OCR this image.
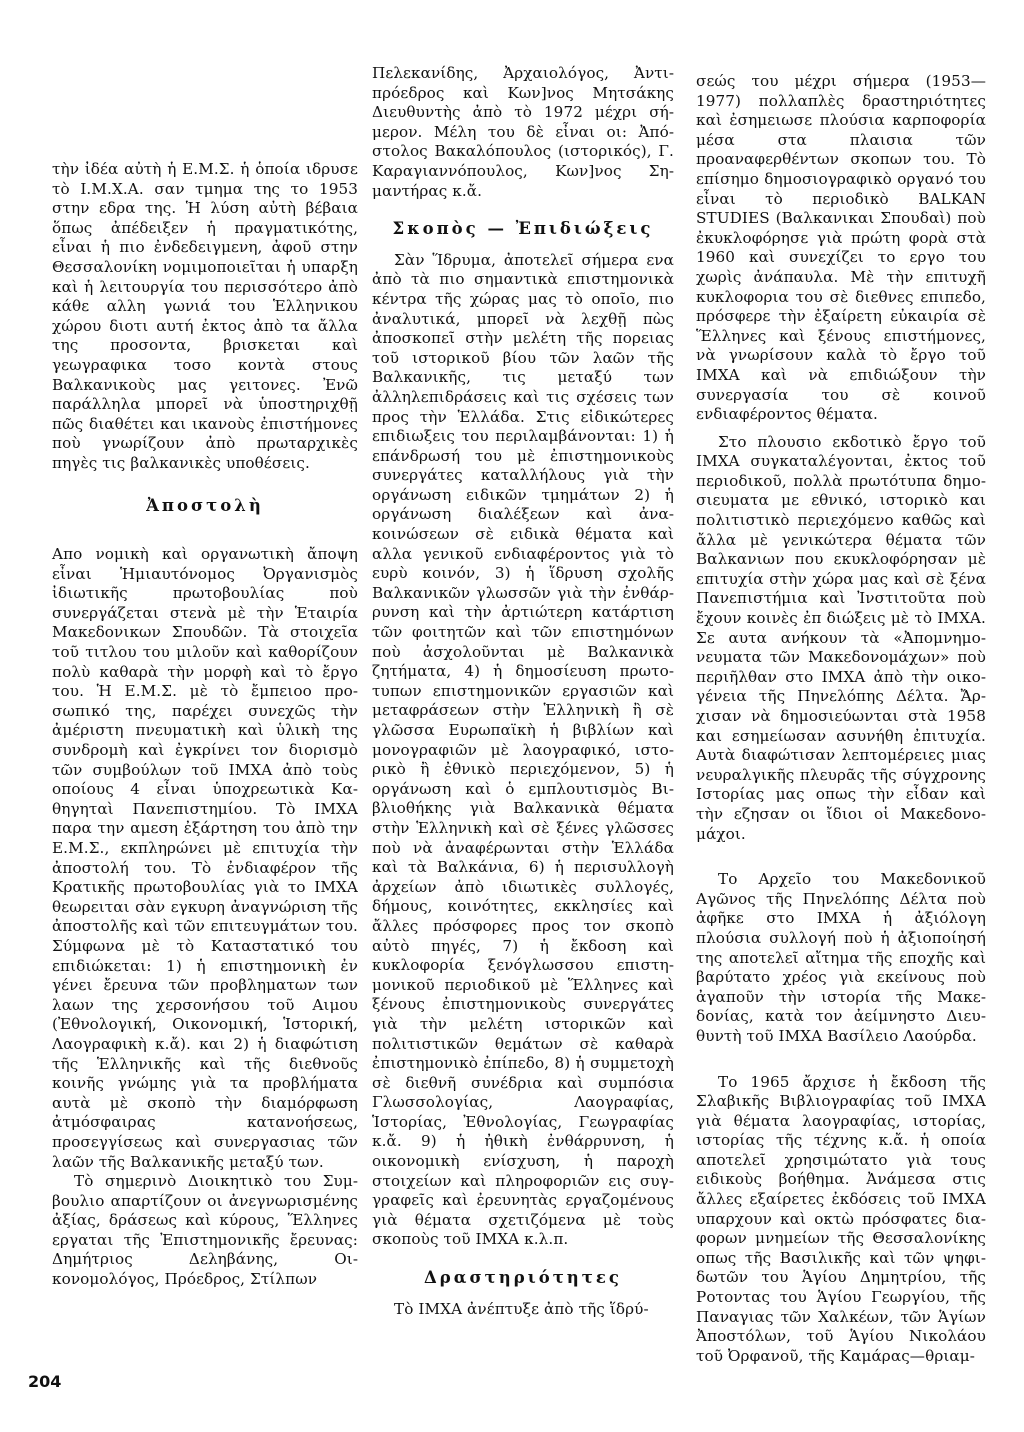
τὴν ἰδέα αὐτὴ ἡ Ε.Μ.Σ. ἡ ὁποία ιδρυσε τὸ Ι.Μ.Χ.Α. σαν τμημα της το 1953 στην εδρα της. Ἡ λύση αὐτὴ βέβαια ὅπως ἀπέδειξεν ἡ πραγματικότης, εἶναι ἡ πιο ἐνδεδειγμενη, ἀφοῦ στην Θεσσαλονίκη νομιμοποιεῖται ἡ υπαρξη καὶ ἡ λειτουργία του περισσότερο ἀπὸ κάθε αλλη γωνιά του Ἑλληνικου χώρου διοτι αυτή ἐκτος ἀπὸ τα ἄλλα της προσοντα, βρισκεται καὶ γεωγραφικα τοσο κοντὰ στους Βαλκανικοὺς μας γειτονες. Ἐνῶ παράλληλα μπορεῖ νὰ ὑποστηριχθῇ πῶς διαθέτει και ικανοὺς ἐπιστήμονες ποὺ γνωρίζουν ἀπὸ πρωταρχικὲς πηγὲς τις βαλκανικὲς υποθέσεις.

Ἀποστολὴ

Απο νομικὴ καὶ οργανωτικὴ ἄποψη εἶναι Ἡμιαυτόνομος Ὀργανισμὸς ἰδιωτικῆς πρωτοβουλίας ποὺ συνεργάζεται στενὰ μὲ τὴν Ἑταιρία Μακεδονικων Σπουδῶν. Τὰ στοιχεῖα τοῦ τιτλου του μιλοῦν καὶ καθορίζουν πολὺ καθαρὰ τὴν μορφὴ καὶ τὸ ἔργο του. Ἡ Ε.Μ.Σ. μὲ τὸ ἔμπειοο προσωπικό της, παρέχει συνεχῶς τὴν ἀμέριστη πνευματικὴ καὶ ὑλικὴ της συνδρομὴ καὶ ἐγκρίνει τον διορισμὸ τῶν συμβούλων τοῦ ΙΜΧΑ ἀπὸ τοὺς οποίους 4 εἶναι ὑποχρεωτικὰ Καθηγηταὶ Πανεπιστημίου. Τὸ ΙΜΧΑ παρα την αμεση ἐξάρτηση του ἀπὸ την Ε.Μ.Σ., εκπληρώνει μὲ επιτυχία τὴν ἀποστολή του. Τὸ ἐνδιαφέρον τῆς Κρατικῆς πρωτοβουλίας γιὰ το ΙΜΧΑ θεωρειται σὰν εγκυρη ἀναγνώριση τῆς ἀποστολῆς καὶ τῶν επιτευγμάτων του. Σύμφωνα μὲ τὸ Καταστατικό του επιδιώκεται: 1) ἡ επιστημονικὴ ἐν γένει ἔρευνα τῶν προβληματων των λαων της χερσονήσου τοῦ Αιμου (Ἐθνολογική, Οικονομική, Ἱστορική, Λαογραφικὴ κ.ἄ). και 2) ἡ διαφώτιση τῆς Ἑλληνικῆς καὶ τῆς διεθνοῦς κοινῆς γνώμης γιὰ τα προβλήματα αυτὰ μὲ σκοπὸ τὴν διαμόρφωση ἀτμόσφαιρας κατανοήσεως, προσεγγίσεως καὶ συνεργασιας τῶν λαῶν τῆς Βαλκανικῆς μεταξύ των.

Τὸ σημερινὸ Διοικητικὸ του Συμβουλιο απαρτίζουν οι ἀνεγνωρισμένης ἀξίας, δράσεως καὶ κύρους, Ἕλληνες εργαται τῆς Ἐπιστημονικῆς ἔρευνας: Δημήτριος Δεληβάνης, Οικονομολόγος, Πρόεδρος, Στίλπων

Πελεκανίδης, Ἀρχαιολόγος, Ἀντιπρόεδρος καὶ Κων]νος Μητσάκης Διευθυντὴς ἀπὸ τὸ 1972 μέχρι σήμερον. Μέλη του δὲ εἶναι οι: Ἀπόστολος Βακαλόπουλος (ιστορικός), Γ. Καραγιαννόπουλος, Κων]νος Σημαντήρας κ.ἄ.

Σκοπὸς — Ἐπιδιώξεις

Σὰν Ἵδρυμα, ἀποτελεῖ σήμερα ενα ἀπὸ τὰ πιο σημαντικὰ επιστημονικὰ κέντρα τῆς χώρας μας τὸ οποῖο, πιο ἀναλυτικά, μπορεῖ νὰ λεχθῇ πὼς ἀποσκοπεῖ στὴν μελέτη τῆς πορειας τοῦ ιστορικοῦ βίου τῶν λαῶν τῆς Βαλκανικῆς, τις μεταξύ των ἀλληλεπιδράσεις καὶ τις σχέσεις των προς τὴν Ἑλλάδα. Στις εἰδικώτερες επιδιωξεις του περιλαμβάνονται: 1) ἡ επάνδρωσή του μὲ ἐπιστημονικοὺς συνεργάτες καταλλήλους γιὰ τὴν οργάνωση ειδικῶν τμημάτων 2) ἡ οργάνωση διαλέξεων καὶ ἀνακοινώσεων σὲ ειδικὰ θέματα καὶ αλλα γενικοῦ ενδιαφέροντος γιὰ τὸ ευρὺ κοινόν, 3) ἡ ἵδρυση σχολῆς Βαλκανικῶν γλωσσῶν γιὰ τὴν ἐνθάρρυνση καὶ τὴν ἀρτιώτερη κατάρτιση τῶν φοιτητῶν καὶ τῶν επιστημόνων ποὺ ἀσχολοῦνται μὲ Βαλκανικὰ ζητήματα, 4) ἡ δημοσίευση πρωτοτυπων επιστημονικῶν εργασιῶν καὶ μεταφράσεων στὴν Ἑλληνικὴ ἢ σὲ γλῶσσα Ευρωπαϊκὴ ἡ βιβλίων καὶ μονογραφιῶν μὲ λαογραφικό, ιστορικὸ ἢ ἐθνικὸ περιεχόμενον, 5) ἡ οργάνωση καὶ ὁ εμπλουτισμὸς Βιβλιοθήκης γιὰ Βαλκανικὰ θέματα στὴν Ἑλληνικὴ καὶ σὲ ξένες γλῶσσες ποὺ νὰ ἀναφέρωνται στὴν Ἑλλάδα καὶ τὰ Βαλκάνια, 6) ἡ περισυλλογὴ ἀρχείων ἀπὸ ιδιωτικὲς συλλογές, δήμους, κοινότητες, εκκλησίες καὶ ἄλλες πρόσφορες προς τον σκοπὸ αὐτὸ πηγές, 7) ἡ ἔκδοση καὶ κυκλοφορία ξενόγλωσσου επιστημονικοῦ περιοδικοῦ μὲ Ἕλληνες καὶ ξένους ἐπιστημονικοὺς συνεργάτες γιὰ τὴν μελέτη ιστορικῶν καὶ πολιτιστικῶν θεμάτων σὲ καθαρὰ ἐπιστημονικὸ ἐπίπεδο, 8) ἡ συμμετοχὴ σὲ διεθνῆ συνέδρια καὶ συμπόσια Γλωσσολογίας, Λαογραφίας, Ἱστορίας, Ἐθνολογίας, Γεωγραφίας κ.ἄ. 9) ἡ ἠθικὴ ἐνθάρρυνση, ἡ οικονομικὴ ενίσχυση, ἡ παροχὴ στοιχείων καὶ πληροφοριῶν εις συγγραφεῖς καὶ ἐρευνητὰς εργαζομένους γιὰ θέματα σχετιζόμενα μὲ τοὺς σκοποὺς τοῦ ΙΜΧΑ κ.λ.π.

Δραστηριότητες

Τὸ ΙΜΧΑ ἀνέπτυξε ἀπὸ τῆς ἵδρύ-

σεώς του μέχρι σήμερα (1953—1977) πολλαπλὲς δραστηριότητες καὶ ἐσημειωσε πλούσια καρποφορία μέσα στα πλαισια τῶν προαναφερθέντων σκοπων του. Τὸ επίσημο δημοσιογραφικὸ οργανό του εἶναι τὸ περιοδικὸ BALKAN STUDIES (Βαλκανικαι Σπουδαὶ) ποὺ ἐκυκλοφόρησε γιὰ πρώτη φορὰ στὰ 1960 καὶ συνεχίζει το εργο του χωρὶς ἀνάπαυλα. Μὲ τὴν επιτυχῆ κυκλοφορια του σὲ διεθνες επιπεδο, πρόσφερε τὴν ἐξαίρετη εὐκαιρία σὲ Ἕλληνες καὶ ξένους επιστήμονες, νὰ γνωρίσουν καλὰ τὸ ἔργο τοῦ ΙΜΧΑ καὶ νὰ επιδιώξουν τὴν συνεργασία του σὲ κοινοῦ ενδιαφέροντος θέματα.

Στο πλουσιο εκδοτικὸ ἔργο τοῦ ΙΜΧΑ συγκαταλέγονται, ἐκτος τοῦ περιοδικοῦ, πολλὰ πρωτότυπα δημοσιευματα με εθνικό, ιστορικὸ και πολιτιστικὸ περιεχόμενο καθῶς καὶ ἄλλα μὲ γενικώτερα θέματα τῶν Βαλκανιων που εκυκλοφόρησαν μὲ επιτυχία στὴν χώρα μας καὶ σὲ ξένα Πανεπιστήμια καὶ Ἰνστιτοῦτα ποὺ ἔχουν κοινὲς ἐπ διώξεις μὲ τὸ ΙΜΧΑ. Σε αυτα ανήκουν τὰ «Ἀπομνημονευματα τῶν Μακεδονομάχων» ποὺ περιῆλθαν στο ΙΜΧΑ ἀπὸ τὴν οικογένεια τῆς Πηνελόπης Δέλτα. Ἄρχισαν νὰ δημοσιεύωνται στὰ 1958 και εσημείωσαν ασυνήθη ἐπιτυχία. Αυτὰ διαφώτισαν λεπτομέρειες μιας νευραλγικῆς πλευρᾶς τῆς σύγχρονης Ιστορίας μας οπως τὴν εἶδαν καὶ τὴν εζησαν οι ἴδιοι οἱ Μακεδονομάχοι.

Το Αρχεῖο του Μακεδονικοῦ Αγῶνος τῆς Πηνελόπης Δέλτα ποὺ ἀφῆκε στο ΙΜΧΑ ἡ ἀξιόλογη πλούσια συλλογή ποὺ ἡ ἀξιοποίησή της αποτελεῖ αἴτημα τῆς εποχῆς καὶ βαρύτατο χρέος γιὰ εκείνους ποὺ ἀγαποῦν τὴν ιστορία τῆς Μακεδονίας, κατὰ τον ἀείμνηστο Διευθυντὴ τοῦ ΙΜΧΑ Βασίλειο Λαούρδα.

Το 1965 ἄρχισε ἡ ἔκδοση τῆς Σλαβικῆς Βιβλιογραφίας τοῦ ΙΜΧΑ γιὰ θέματα λαογραφίας, ιστορίας, ιστορίας τῆς τέχνης κ.ἄ. ἡ οποία αποτελεῖ χρησιμώτατο γιὰ τους ειδικοὺς βοήθημα. Ἀνάμεσα στις ἄλλες εξαίρετες ἐκδόσεις τοῦ ΙΜΧΑ υπαρχουν καὶ οκτὼ πρόσφατες διαφορων μνημείων τῆς Θεσσαλονίκης οπως τῆς Βασιλικῆς καὶ τῶν ψηφιδωτῶν του Ἁγίου Δημητρίου, τῆς Ροτοντας του Ἁγίου Γεωργίου, τῆς Παναγιας τῶν Χαλκέων, τῶν Ἁγίων Ἀποστόλων, τοῦ Ἁγίου Νικολάου τοῦ Ὀρφανοῦ, τῆς Καμάρας—θριαμ-

204
